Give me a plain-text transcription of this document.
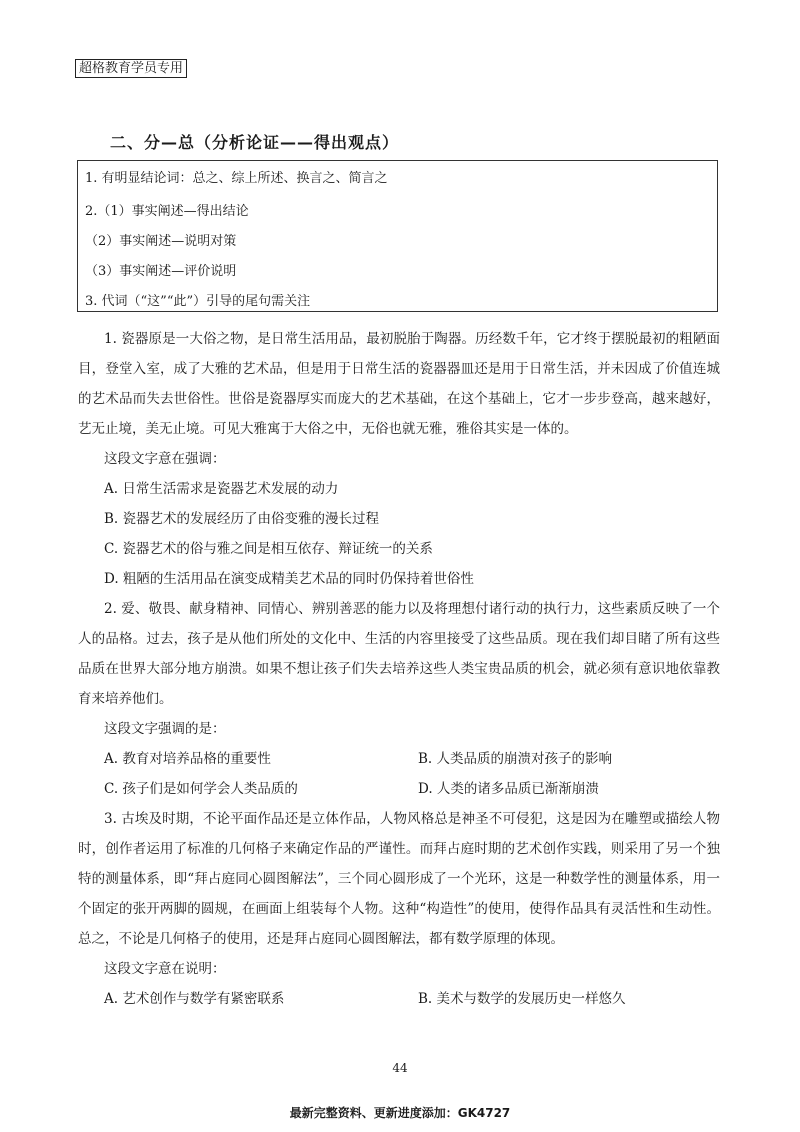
超格教育学员专用
二、分—总（分析论证——得出观点）
1. 有明显结论词：总之、综上所述、换言之、简言之
2.（1）事实阐述—得出结论
（2）事实阐述—说明对策
（3）事实阐述—评价说明
3. 代词（“这”“此”）引导的尾句需关注

1. 瓷器原是一大俗之物，是日常生活用品，最初脱胎于陶器。历经数千年，它才终于摆脱最初的粗陋面目，登堂入室，成了大雅的艺术品，但是用于日常生活的瓷器器皿还是用于日常生活，并未因成了价值连城的艺术品而失去世俗性。世俗是瓷器厚实而庞大的艺术基础，在这个基础上，它才一步步登高，越来越好，艺无止境，美无止境。可见大雅寓于大俗之中，无俗也就无雅，雅俗其实是一体的。

这段文字意在强调：
A. 日常生活需求是瓷器艺术发展的动力
B. 瓷器艺术的发展经历了由俗变雅的漫长过程
C. 瓷器艺术的俗与雅之间是相互依存、辩证统一的关系
D. 粗陋的生活用品在演变成精美艺术品的同时仍保持着世俗性

2. 爱、敬畏、献身精神、同情心、辨别善恶的能力以及将理想付诸行动的执行力，这些素质反映了一个人的品格。过去，孩子是从他们所处的文化中、生活的内容里接受了这些品质。现在我们却目睹了所有这些品质在世界大部分地方崩溃。如果不想让孩子们失去培养这些人类宝贵品质的机会，就必须有意识地依靠教育来培养他们。

这段文字强调的是：
A. 教育对培养品格的重要性	B. 人类品质的崩溃对孩子的影响
C. 孩子们是如何学会人类品质的	D. 人类的诸多品质已渐渐崩溃

3. 古埃及时期，不论平面作品还是立体作品，人物风格总是神圣不可侵犯，这是因为在雕塑或描绘人物时，创作者运用了标准的几何格子来确定作品的严谨性。而拜占庭时期的艺术创作实践，则采用了另一个独特的测量体系，即“拜占庭同心圆图解法”，三个同心圆形成了一个光环，这是一种数学性的测量体系，用一个固定的张开两脚的圆规，在画面上组装每个人物。这种“构造性”的使用，使得作品具有灵活性和生动性。总之，不论是几何格子的使用，还是拜占庭同心圆图解法，都有数学原理的体现。

这段文字意在说明：
A. 艺术创作与数学有紧密联系	B. 美术与数学的发展历史一样悠久
44
最新完整资料、更新进度添加：GK4727
